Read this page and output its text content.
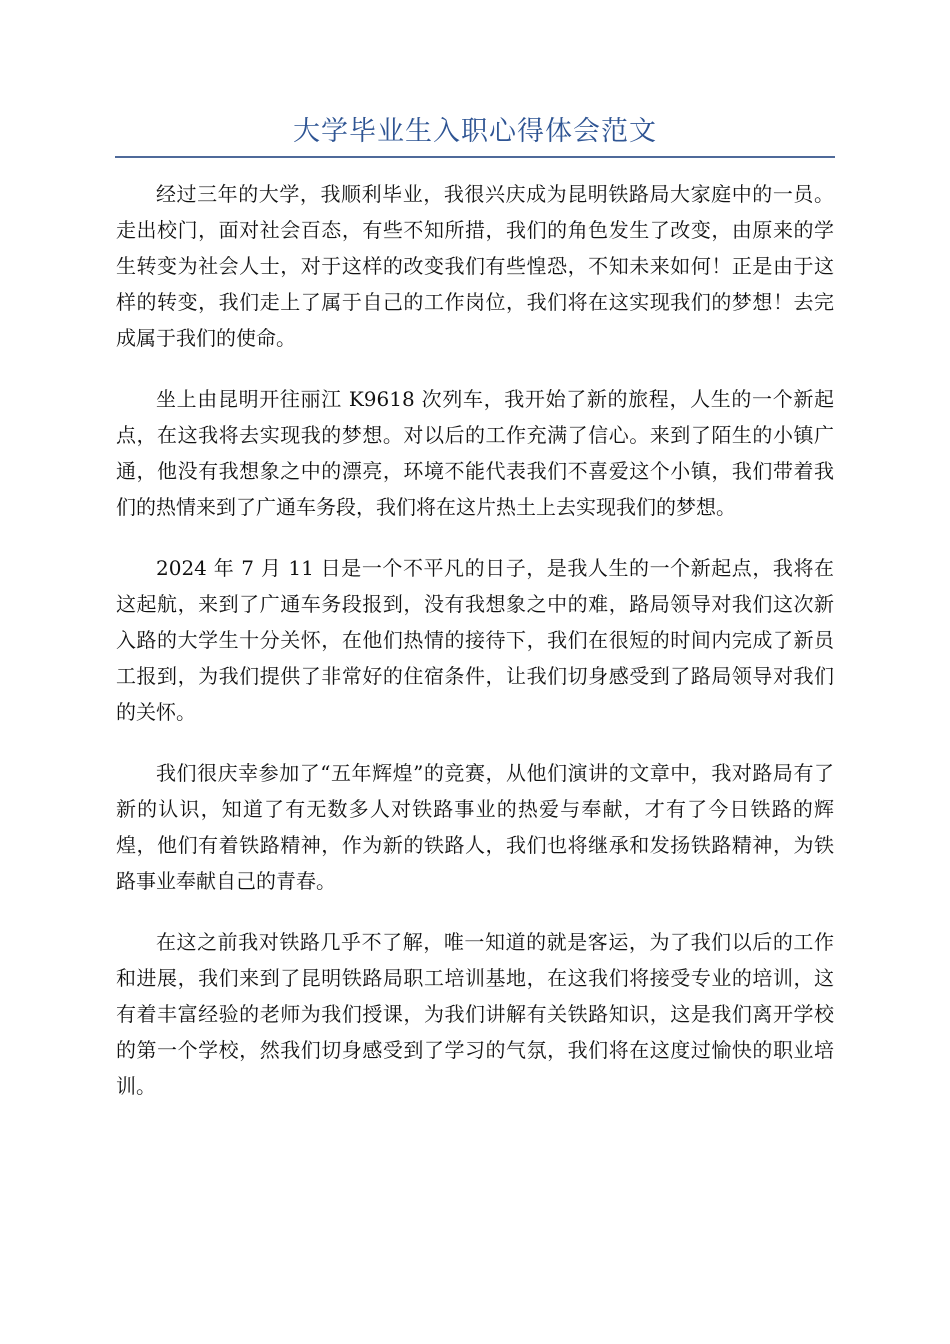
大学毕业生入职心得体会范文

经过三年的大学，我顺利毕业，我很兴庆成为昆明铁路局大家庭中的一员。走出校门，面对社会百态，有些不知所措，我们的角色发生了改变，由原来的学生转变为社会人士，对于这样的改变我们有些惶恐，不知未来如何！正是由于这样的转变，我们走上了属于自己的工作岗位，我们将在这实现我们的梦想！去完成属于我们的使命。

坐上由昆明开往丽江 K9618 次列车，我开始了新的旅程，人生的一个新起点，在这我将去实现我的梦想。对以后的工作充满了信心。来到了陌生的小镇广通，他没有我想象之中的漂亮，环境不能代表我们不喜爱这个小镇，我们带着我们的热情来到了广通车务段，我们将在这片热土上去实现我们的梦想。

2024 年 7 月 11 日是一个不平凡的日子，是我人生的一个新起点，我将在这起航，来到了广通车务段报到，没有我想象之中的难，路局领导对我们这次新入路的大学生十分关怀，在他们热情的接待下，我们在很短的时间内完成了新员工报到，为我们提供了非常好的住宿条件，让我们切身感受到了路局领导对我们的关怀。

我们很庆幸参加了“五年辉煌”的竞赛，从他们演讲的文章中，我对路局有了新的认识，知道了有无数多人对铁路事业的热爱与奉献，才有了今日铁路的辉煌，他们有着铁路精神，作为新的铁路人，我们也将继承和发扬铁路精神，为铁路事业奉献自己的青春。

在这之前我对铁路几乎不了解，唯一知道的就是客运，为了我们以后的工作和进展，我们来到了昆明铁路局职工培训基地，在这我们将接受专业的培训，这有着丰富经验的老师为我们授课，为我们讲解有关铁路知识，这是我们离开学校的第一个学校，然我们切身感受到了学习的气氛，我们将在这度过愉快的职业培训。
